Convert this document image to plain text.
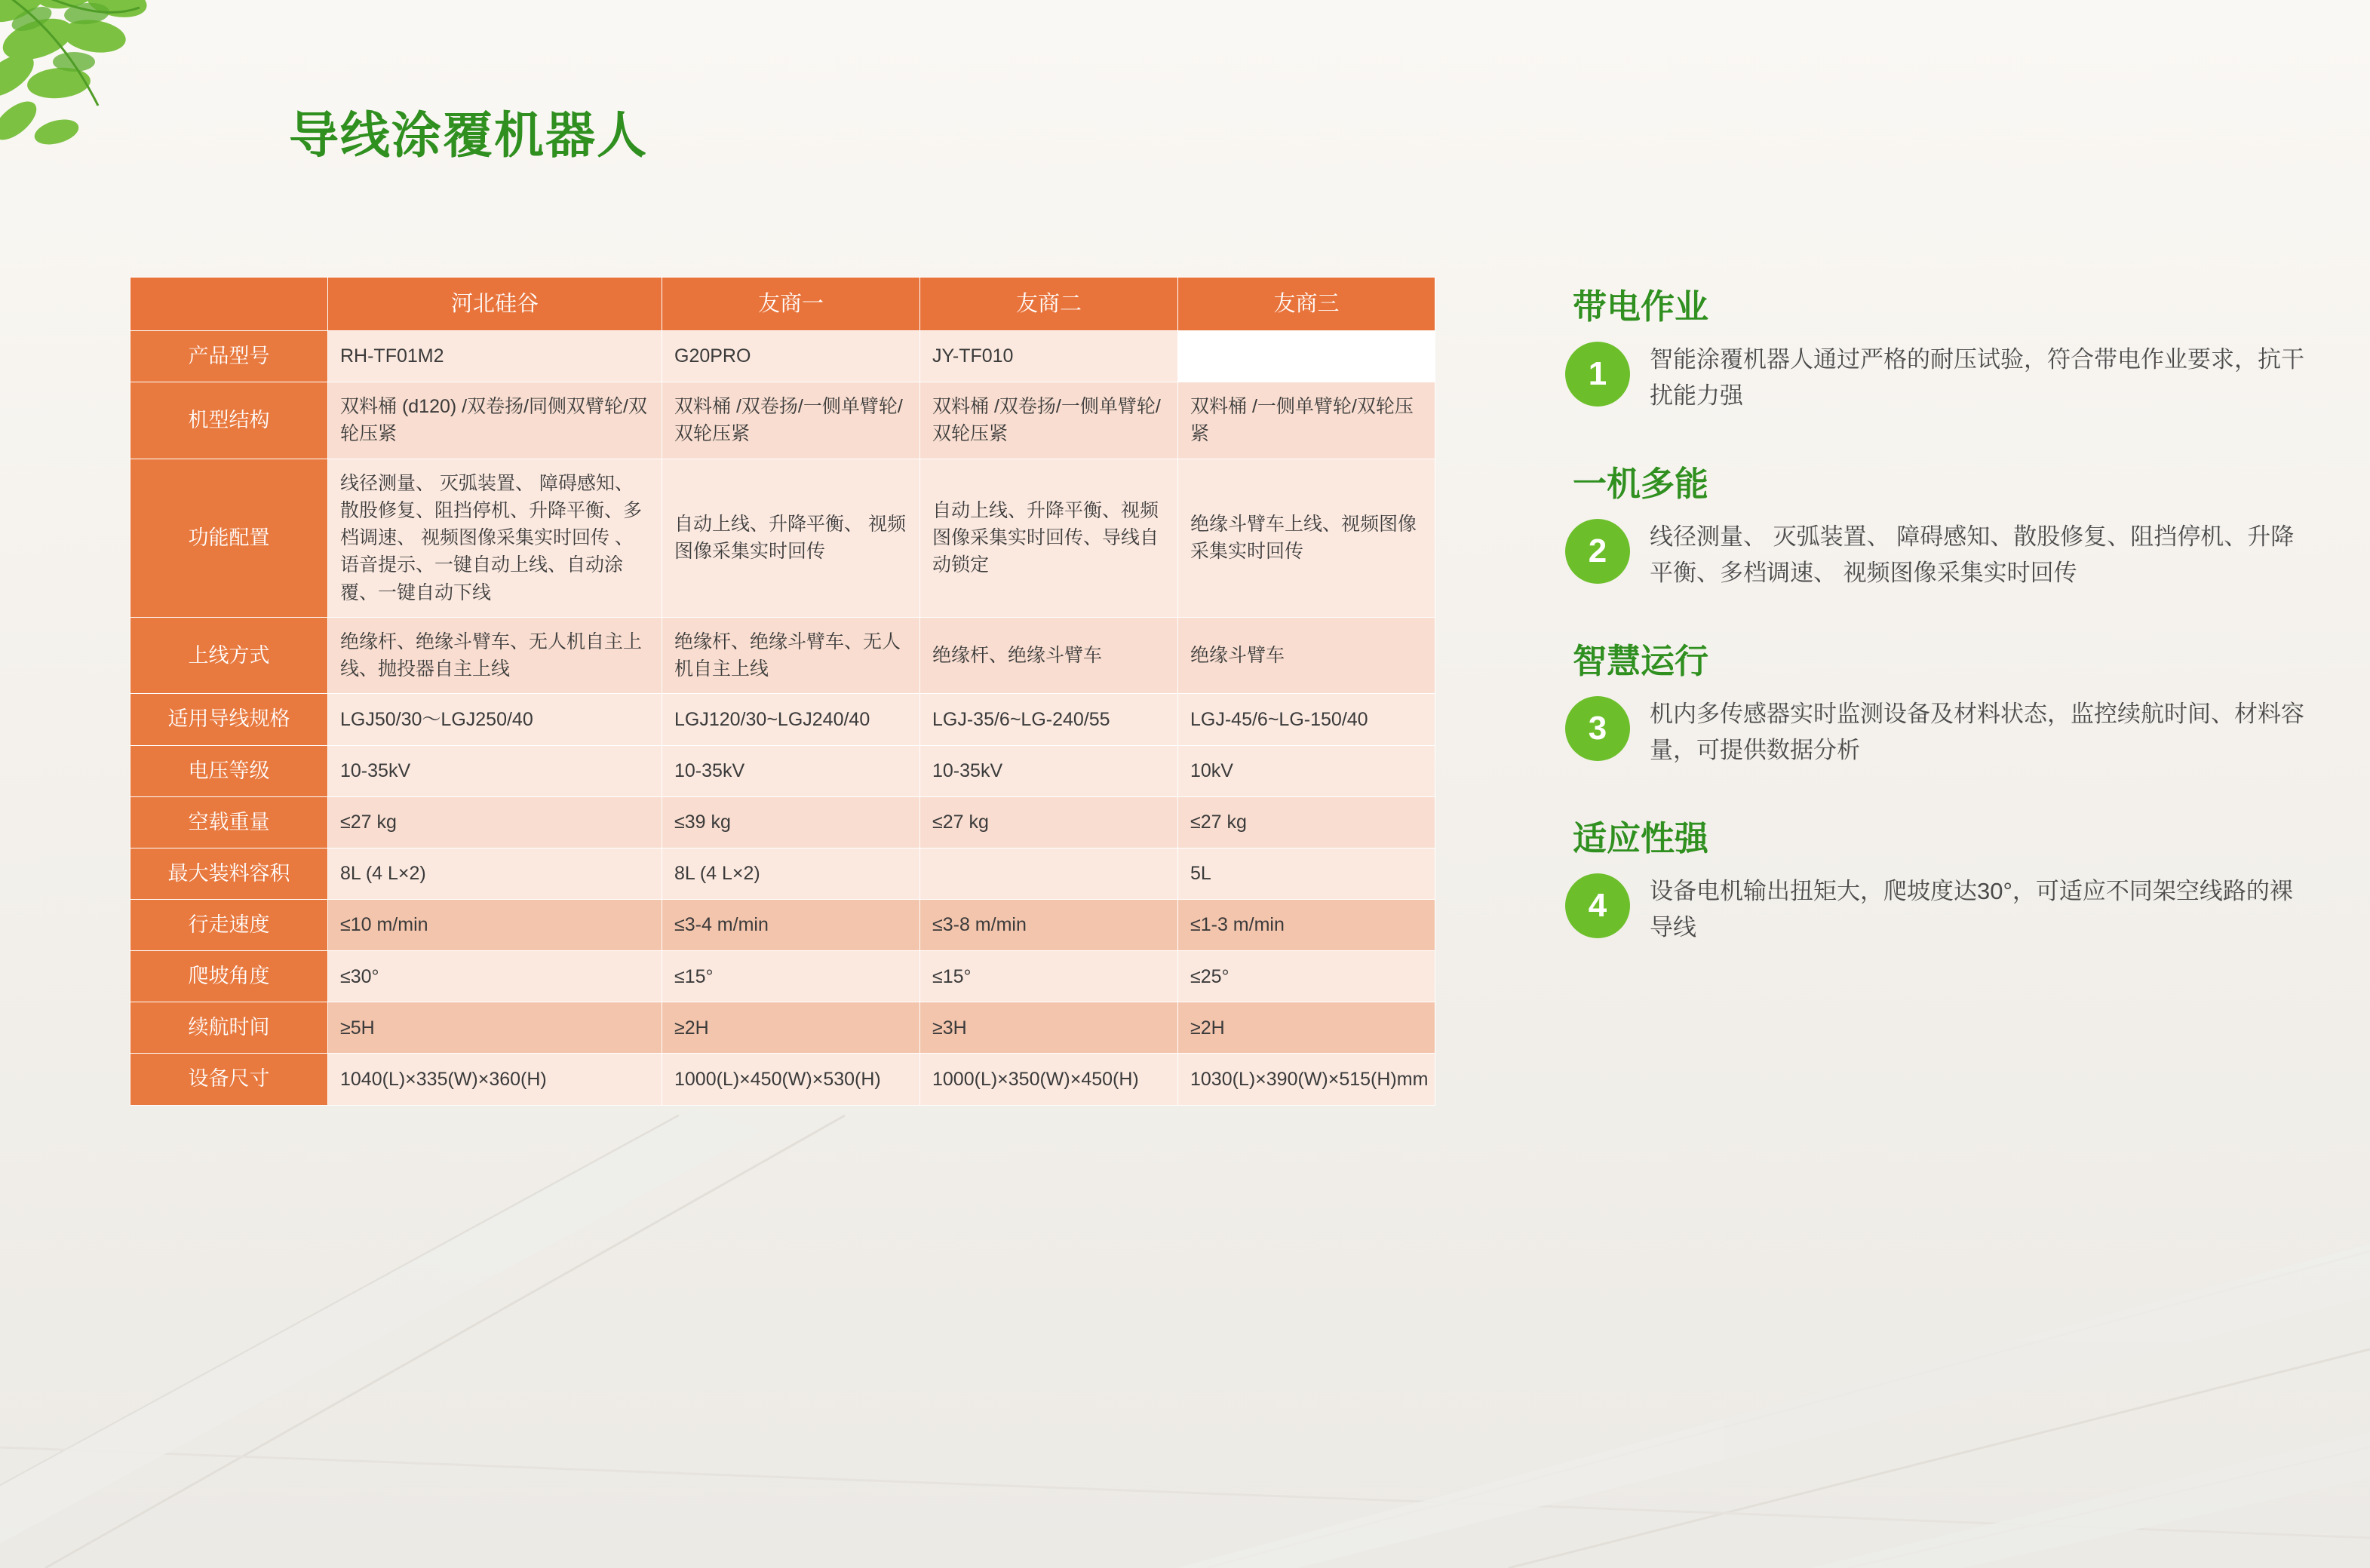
导线涂覆机器人
	河北硅谷	友商一	友商二	友商三
产品型号	RH-TF01M2	G20PRO	JY-TF010	
机型结构	双料桶 (d120) /双卷扬/同侧双臂轮/双轮压紧	双料桶 /双卷扬/一侧单臂轮/双轮压紧	双料桶 /双卷扬/一侧单臂轮/双轮压紧	双料桶 /一侧单臂轮/双轮压紧
功能配置	线径测量、 灭弧装置、 障碍感知、散股修复、阻挡停机、升降平衡、多档调速、 视频图像采集实时回传 、语音提示、一键自动上线、自动涂覆、一键自动下线	自动上线、升降平衡、 视频图像采集实时回传	自动上线、升降平衡、视频图像采集实时回传、导线自动锁定	绝缘斗臂车上线、视频图像采集实时回传
上线方式	绝缘杆、绝缘斗臂车、无人机自主上线、抛投器自主上线	绝缘杆、绝缘斗臂车、无人机自主上线	绝缘杆、绝缘斗臂车	绝缘斗臂车
适用导线规格	LGJ50/30～LGJ250/40	LGJ120/30~LGJ240/40	LGJ-35/6~LG-240/55	LGJ-45/6~LG-150/40
电压等级	10-35kV	10-35kV	10-35kV	10kV
空载重量	≤27 kg	≤39 kg	≤27 kg	≤27 kg
最大装料容积	8L (4 L×2)	8L (4 L×2)		5L
行走速度	≤10 m/min	≤3-4 m/min	≤3-8 m/min	≤1-3 m/min
爬坡角度	≤30°	≤15°	≤15°	≤25°
续航时间	≥5H	≥2H	≥3H	≥2H
设备尺寸	1040(L)×335(W)×360(H)	1000(L)×450(W)×530(H)	1000(L)×350(W)×450(H)	1030(L)×390(W)×515(H)mm
带电作业
1	智能涂覆机器人通过严格的耐压试验，符合带电作业要求，抗干扰能力强
一机多能
2	线径测量、 灭弧装置、 障碍感知、散股修复、阻挡停机、升降平衡、多档调速、 视频图像采集实时回传
智慧运行
3	机内多传感器实时监测设备及材料状态，监控续航时间、材料容量，可提供数据分析
适应性强
4	设备电机输出扭矩大，爬坡度达30°，可适应不同架空线路的裸导线
